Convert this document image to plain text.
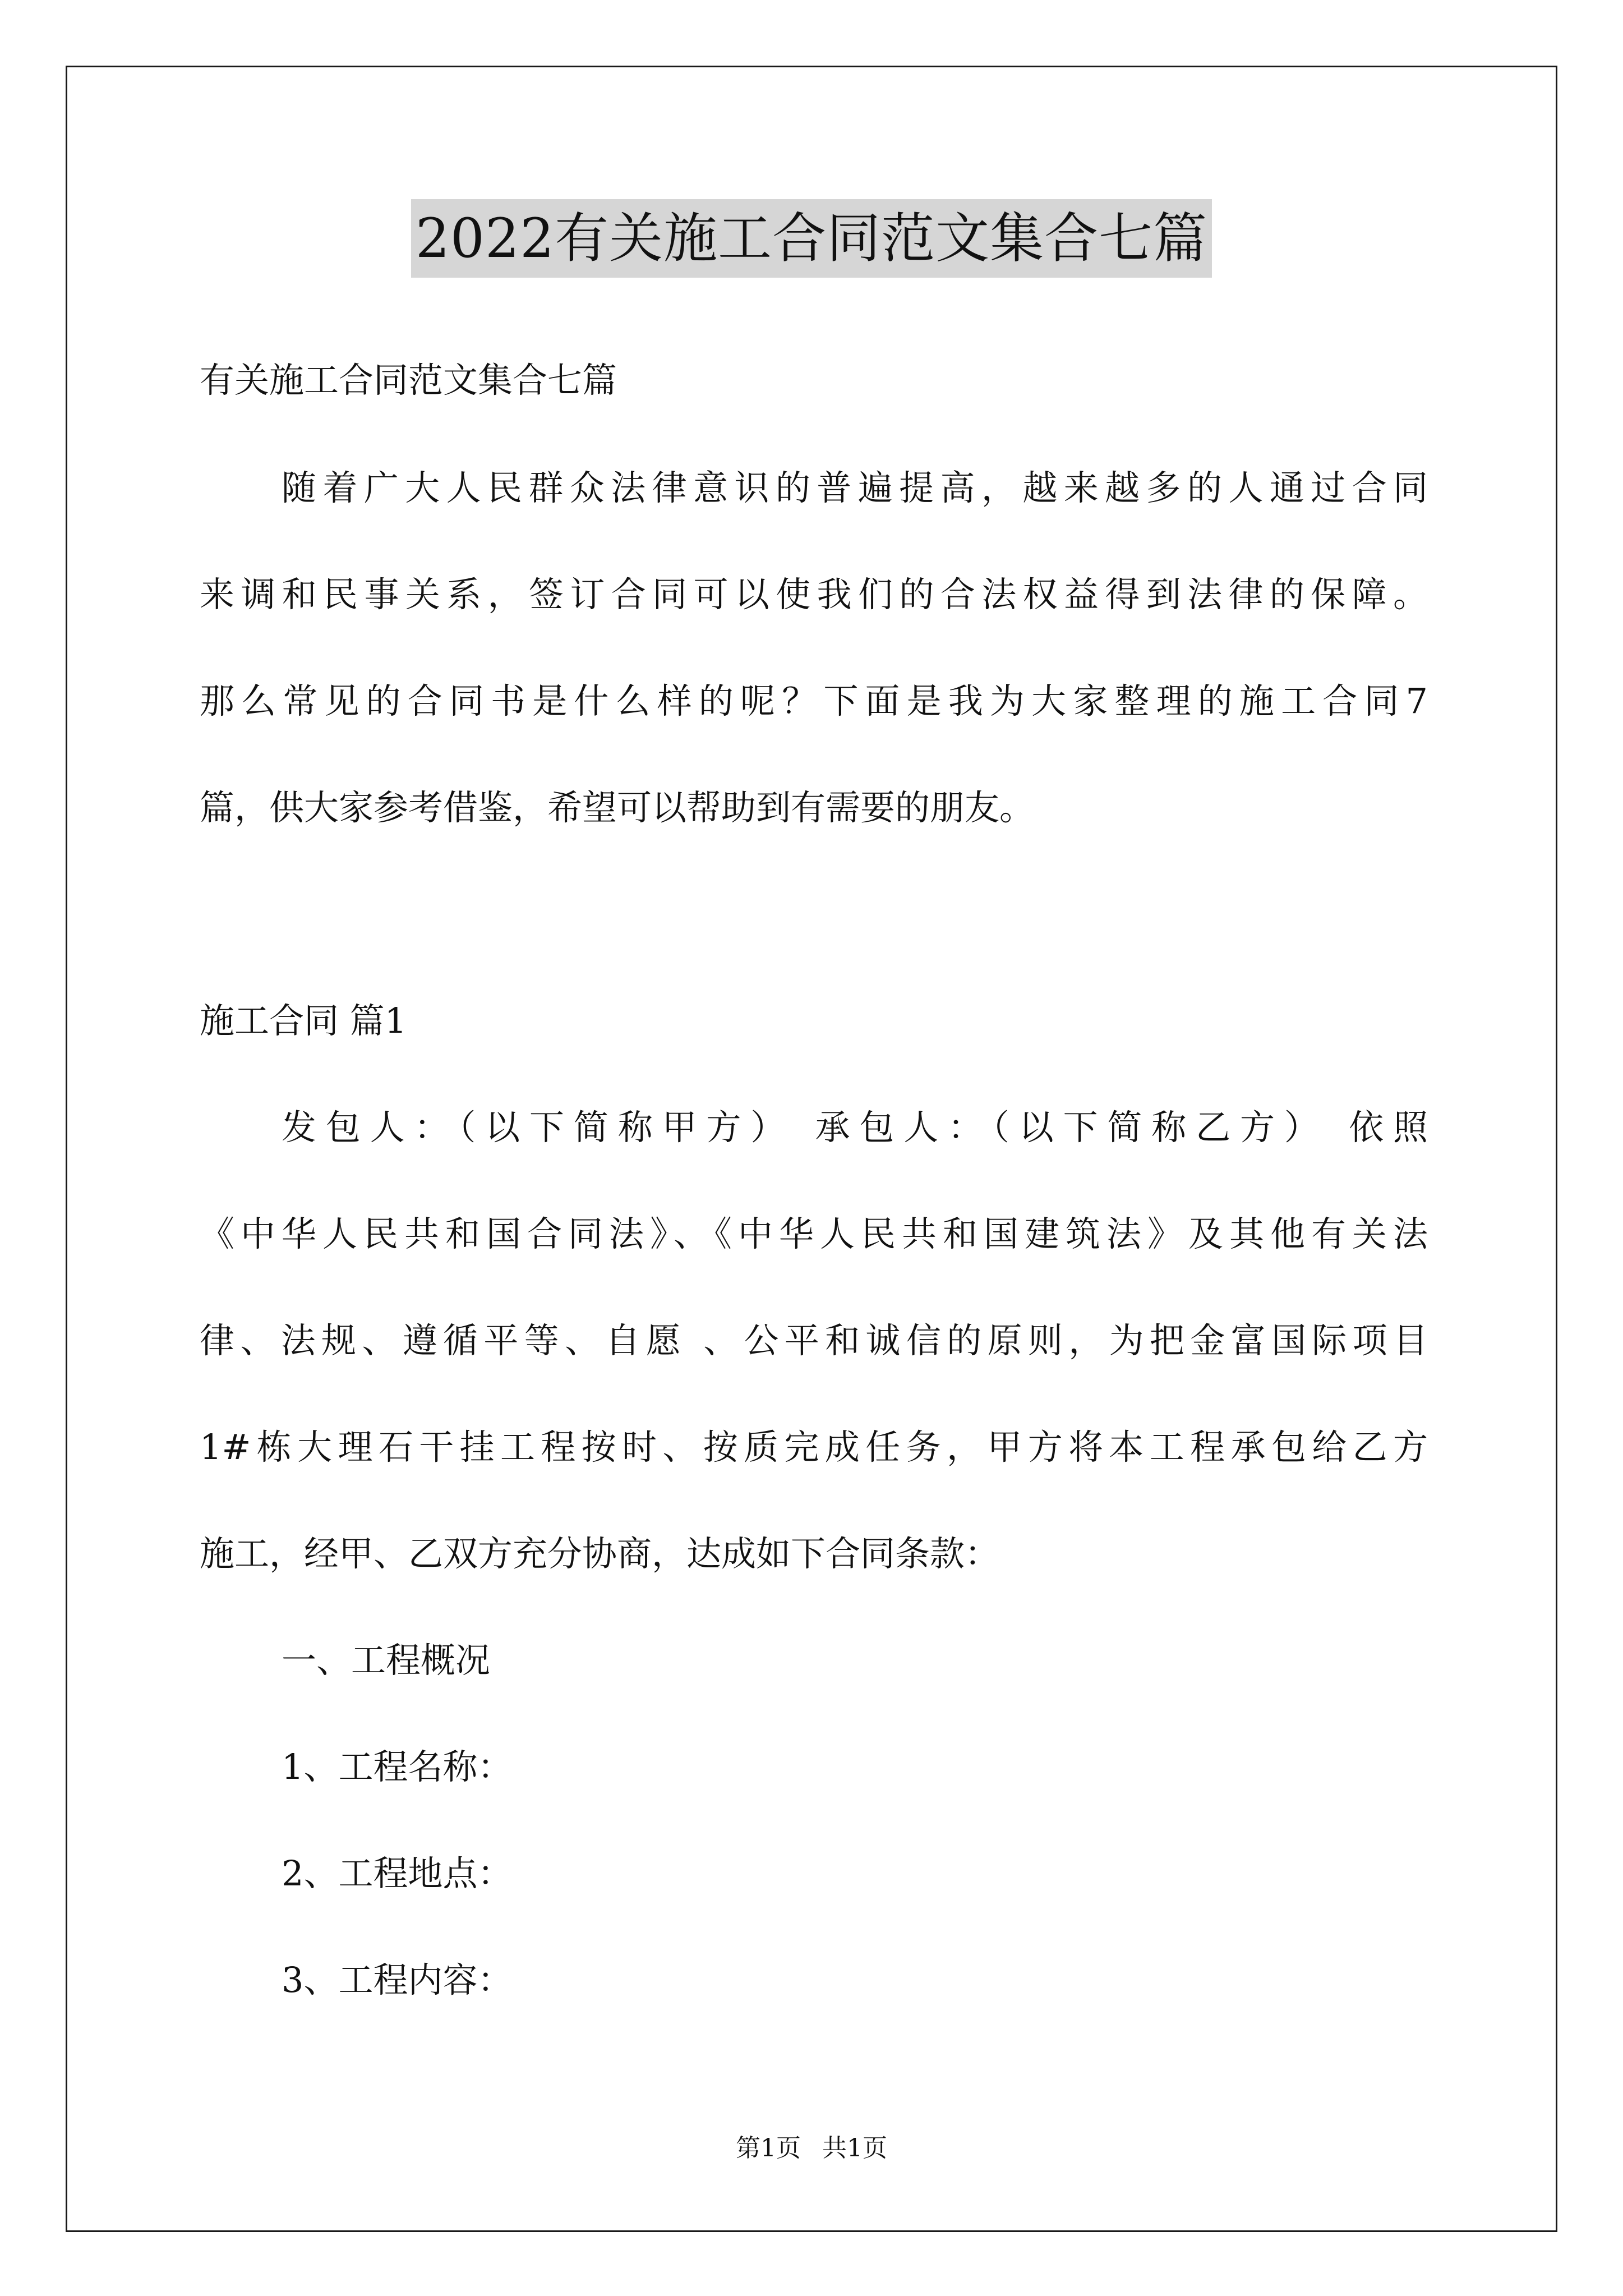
2022有关施工合同范文集合七篇
有关施工合同范文集合七篇
随着广大人民群众法律意识的普遍提高，越来越多的人通过合同
来调和民事关系，签订合同可以使我们的合法权益得到法律的保障。
那么常见的合同书是什么样的呢？下面是我为大家整理的施工合同7
篇，供大家参考借鉴，希望可以帮助到有需要的朋友。
施工合同 篇1
发包人：（以下简称甲方） 承包人：（以下简称乙方） 依照
《中华人民共和国合同法》、《中华人民共和国建筑法》及其他有关法
律、法规、遵循平等、自愿 、公平和诚信的原则，为把金富国际项目
1#栋大理石干挂工程按时、按质完成任务，甲方将本工程承包给乙方
施工，经甲、乙双方充分协商，达成如下合同条款：
一、工程概况
1、工程名称：
2、工程地点：
3、工程内容：
第1页 共1页
